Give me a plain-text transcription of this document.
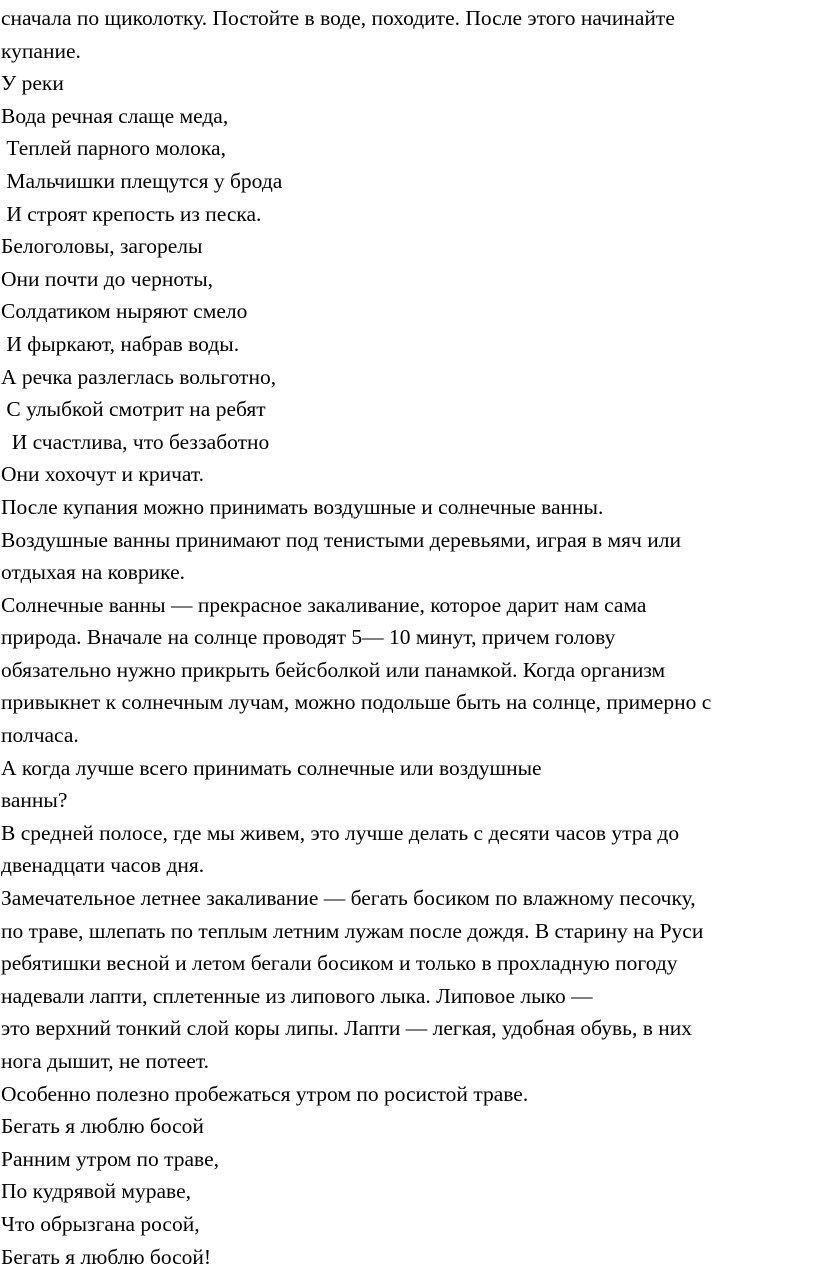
сначала по щиколотку. Постойте в воде, походите. После этого начинайте
купание.
У реки
Вода речная слаще меда,
Теплей парного молока,
Мальчишки плещутся у брода
И строят крепость из песка.
Белоголовы, загорелы
Они почти до черноты,
Солдатиком ныряют смело
И фыркают, набрав воды.
А речка разлеглась вольготно,
С улыбкой смотрит на ребят
И счастлива, что беззаботно
Они хохочут и кричат.
После купания можно принимать воздушные и солнечные ванны.
Воздушные ванны принимают под тенистыми деревьями, играя в мяч или
отдыхая на коврике.
Солнечные ванны — прекрасное закаливание, которое дарит нам сама
природа. Вначале на солнце проводят 5— 10 минут, причем голову
обязательно нужно прикрыть бейсболкой или панамкой. Когда организм
привыкнет к солнечным лучам, можно подольше быть на солнце, примерно с
полчаса.
А когда лучше всего принимать солнечные или воздушные
ванны?
В средней полосе, где мы живем, это лучше делать с десяти часов утра до
двенадцати часов дня.
Замечательное летнее закаливание — бегать босиком по влажному песочку,
по траве, шлепать по теплым летним лужам после дождя. В старину на Руси
ребятишки весной и летом бегали босиком и только в прохладную погоду
надевали лапти, сплетенные из липового лыка. Липовое лыко —
это верхний тонкий слой коры липы. Лапти — легкая, удобная обувь, в них
нога дышит, не потеет.
Особенно полезно пробежаться утром по росистой траве.
Бегать я люблю босой
Ранним утром по траве,
По кудрявой мураве,
Что обрызгана росой,
Бегать я люблю босой!
